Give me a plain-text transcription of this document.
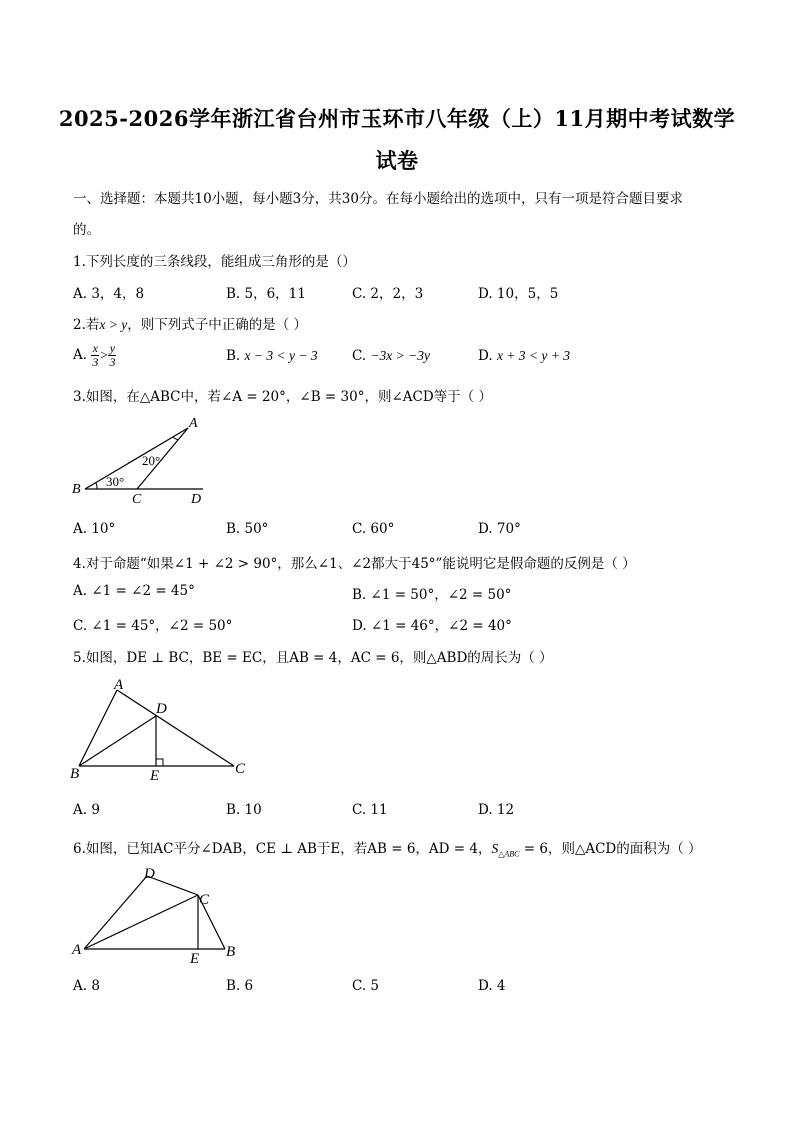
2025-2026学年浙江省台州市玉环市八年级（上）11月期中考试数学
试卷
一、选择题：本题共10小题，每小题3分，共30分。在每小题给出的选项中，只有一项是符合题目要求
的。
1.下列长度的三条线段，能组成三角形的是（）
A. 3，4，8	B. 5，6，11	C. 2，2，3	D. 10，5，5
2.若x > y，则下列式子中正确的是（ ）
A. $\frac{x}{3} > \frac{y}{3}$	B. x − 3 < y − 3	C. −3x > −3y	D. x + 3 < y + 3
3.如图，在△ABC中，若∠A = 20°，∠B = 30°，则∠ACD等于（ ）
A
B
C	D
20°
30°
A. 10°	B. 50°	C. 60°	D. 70°
4.对于命题“如果∠1 + ∠2 > 90°，那么∠1、∠2都大于45°”能说明它是假命题的反例是（ ）
A. ∠1 = ∠2 = 45°	B. ∠1 = 50°，∠2 = 50°
C. ∠1 = 45°，∠2 = 50°	D. ∠1 = 46°，∠2 = 40°
5.如图，DE ⊥ BC，BE = EC，且AB = 4，AC = 6，则△ABD的周长为（ ）
A
B	C
D
E
A. 9	B. 10	C. 11	D. 12
6.如图，已知AC平分∠DAB，CE ⊥ AB于E，若AB = 6，AD = 4，$S_{\triangle ABC} = 6$，则△ACD的面积为（ ）
A
D
C
B
E
A. 8	B. 6	C. 5	D. 4
